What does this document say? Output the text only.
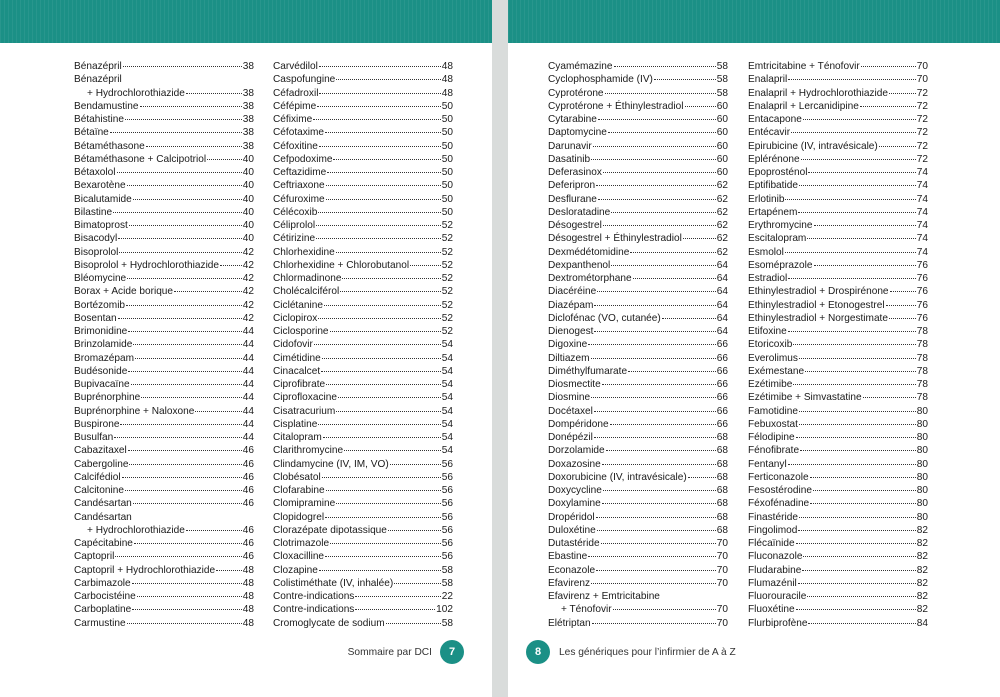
Bénazépril	38
Bénazépril
+ Hydrochlorothiazide	38
Bendamustine	38
Bétahistine	38
Bétaïne	38
Bétaméthasone	38
Bétaméthasone + Calcipotriol	40
Bétaxolol	40
Bexarotène	40
Bicalutamide	40
Bilastine	40
Bimatoprost	40
Bisacodyl	40
Bisoprolol	42
Bisoprolol + Hydrochlorothiazide 42
Bléomycine	42
Borax + Acide borique	42
Bortézomib	42
Bosentan	42
Brimonidine	44
Brinzolamide	44
Bromazépam	44
Budésonide	44
Bupivacaïne	44
Buprénorphine	44
Buprénorphine + Naloxone	44
Buspirone	44
Busulfan	44
Cabazitaxel	46
Cabergoline	46
Calcifédiol	46
Calcitonine	46
Candésartan	46
Candésartan
+ Hydrochlorothiazide	46
Capécitabine	46
Captopril	46
Captopril + Hydrochlorothiazide	48
Carbimazole	48
Carbocistéine	48
Carboplatine	48
Carmustine	48
Carvédilol	48
Caspofungine	48
Céfadroxil	48
Céfépime	50
Céfixime	50
Céfotaxime	50
Céfoxitine	50
Cefpodoxime	50
Ceftazidime	50
Ceftriaxone	50
Céfuroxime	50
Célécoxib	50
Céliprolol	52
Cétirizine	52
Chlorhexidine	52
Chlorhexidine + Chlorobutanol	52
Chlormadinone	52
Cholécalciférol	52
Ciclétanine	52
Ciclopirox	52
Ciclosporine	52
Cidofovir	54
Cimétidine	54
Cinacalcet	54
Ciprofibrate	54
Ciprofloxacine	54
Cisatracurium	54
Cisplatine	54
Citalopram	54
Clarithromycine	54
Clindamycine (IV, IM, VO)	56
Clobésatol	56
Clofarabine	56
Clomipramine	56
Clopidogrel	56
Clorazépate dipotassique	56
Clotrimazole	56
Cloxacilline	56
Clozapine	58
Colistiméthate (IV, inhalée)	58
Contre-indications	22
Contre-indications	102
Cromoglycate de sodium	58
Sommaire par DCI	7
Cyamémazine	58
Cyclophosphamide (IV)	58
Cyprotérone	58
Cyprotérone + Éthinylestradiol	60
Cytarabine	60
Daptomycine	60
Darunavir	60
Dasatinib	60
Deferasinox	60
Deferipron	62
Desflurane	62
Desloratadine	62
Désogestrel	62
Désogestrel + Éthinylestradiol	62
Dexmédétomidine	62
Dexpanthenol	64
Dextrométorphane	64
Diacéréine	64
Diazépam	64
Diclofénac (VO, cutanée)	64
Dienogest	64
Digoxine	66
Diltiazem	66
Diméthylfumarate	66
Diosmectite	66
Diosmine	66
Docétaxel	66
Dompéridone	66
Donépézil	68
Dorzolamide	68
Doxazosine	68
Doxorubicine (IV, intravésicale)	68
Doxycycline	68
Doxylamine	68
Dropéridol	68
Duloxétine	68
Dutastéride	70
Ebastine	70
Econazole	70
Efavirenz	70
Efavirenz + Emtricitabine
+ Ténofovir	70
Elétriptan	70
Emtricitabine + Ténofovir	70
Enalapril	70
Enalapril + Hydrochlorothiazide	72
Enalapril + Lercanidipine	72
Entacapone	72
Entécavir	72
Epirubicine (IV, intravésicale)	72
Eplérénone	72
Epoprosténol	74
Eptifibatide	74
Erlotinib	74
Ertapénem	74
Erythromycine	74
Escitalopram	74
Esmolol	74
Esoméprazole	76
Estradiol	76
Ethinylestradiol + Drospirénone	76
Ethinylestradiol + Etonogestrel	76
Ethinylestradiol + Norgestimate	76
Etifoxine	78
Etoricoxib	78
Everolimus	78
Exémestane	78
Ezétimibe	78
Ezétimibe + Simvastatine	78
Famotidine	80
Febuxostat	80
Félodipine	80
Fénofibrate	80
Fentanyl	80
Ferticonazole	80
Fesostérodine	80
Féxofénadine	80
Finastéride	80
Fingolimod	82
Flécaïnide	82
Fluconazole	82
Fludarabine	82
Flumazénil	82
Fluorouracile	82
Fluoxétine	82
Flurbiprofène	84
8	Les génériques pour l’infirmier de A à Z
